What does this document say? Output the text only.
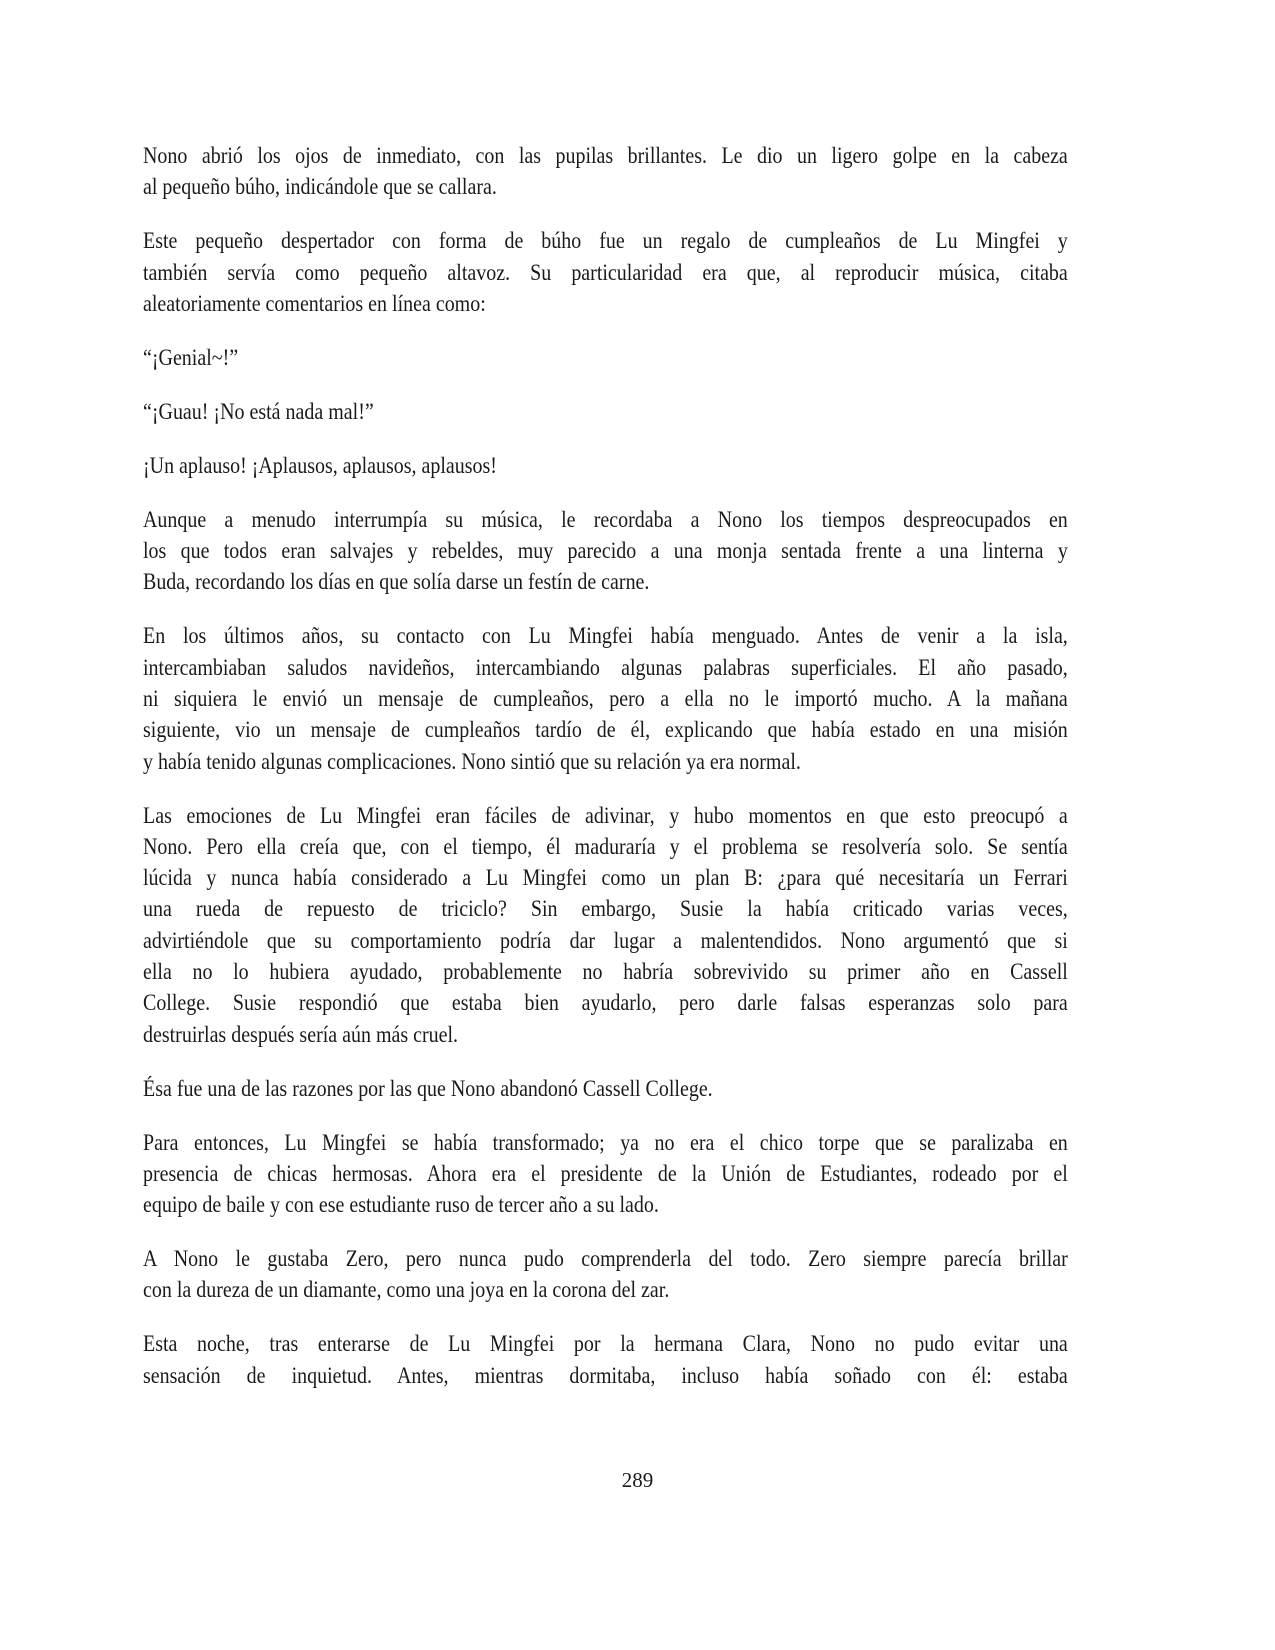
Nono abrió los ojos de inmediato, con las pupilas brillantes. Le dio un ligero golpe en la cabeza
al pequeño búho, indicándole que se callara.
Este pequeño despertador con forma de búho fue un regalo de cumpleaños de Lu Mingfei y
también servía como pequeño altavoz. Su particularidad era que, al reproducir música, citaba
aleatoriamente comentarios en línea como:
“¡Genial~!”
“¡Guau! ¡No está nada mal!”
¡Un aplauso! ¡Aplausos, aplausos, aplausos!
Aunque a menudo interrumpía su música, le recordaba a Nono los tiempos despreocupados en
los que todos eran salvajes y rebeldes, muy parecido a una monja sentada frente a una linterna y
Buda, recordando los días en que solía darse un festín de carne.
En los últimos años, su contacto con Lu Mingfei había menguado. Antes de venir a la isla,
intercambiaban saludos navideños, intercambiando algunas palabras superficiales. El año pasado,
ni siquiera le envió un mensaje de cumpleaños, pero a ella no le importó mucho. A la mañana
siguiente, vio un mensaje de cumpleaños tardío de él, explicando que había estado en una misión
y había tenido algunas complicaciones. Nono sintió que su relación ya era normal.
Las emociones de Lu Mingfei eran fáciles de adivinar, y hubo momentos en que esto preocupó a
Nono. Pero ella creía que, con el tiempo, él maduraría y el problema se resolvería solo. Se sentía
lúcida y nunca había considerado a Lu Mingfei como un plan B: ¿para qué necesitaría un Ferrari
una rueda de repuesto de triciclo? Sin embargo, Susie la había criticado varias veces,
advirtiéndole que su comportamiento podría dar lugar a malentendidos. Nono argumentó que si
ella no lo hubiera ayudado, probablemente no habría sobrevivido su primer año en Cassell
College. Susie respondió que estaba bien ayudarlo, pero darle falsas esperanzas solo para
destruirlas después sería aún más cruel.
Ésa fue una de las razones por las que Nono abandonó Cassell College.
Para entonces, Lu Mingfei se había transformado; ya no era el chico torpe que se paralizaba en
presencia de chicas hermosas. Ahora era el presidente de la Unión de Estudiantes, rodeado por el
equipo de baile y con ese estudiante ruso de tercer año a su lado.
A Nono le gustaba Zero, pero nunca pudo comprenderla del todo. Zero siempre parecía brillar
con la dureza de un diamante, como una joya en la corona del zar.
Esta noche, tras enterarse de Lu Mingfei por la hermana Clara, Nono no pudo evitar una
sensación de inquietud. Antes, mientras dormitaba, incluso había soñado con él: estaba
289
